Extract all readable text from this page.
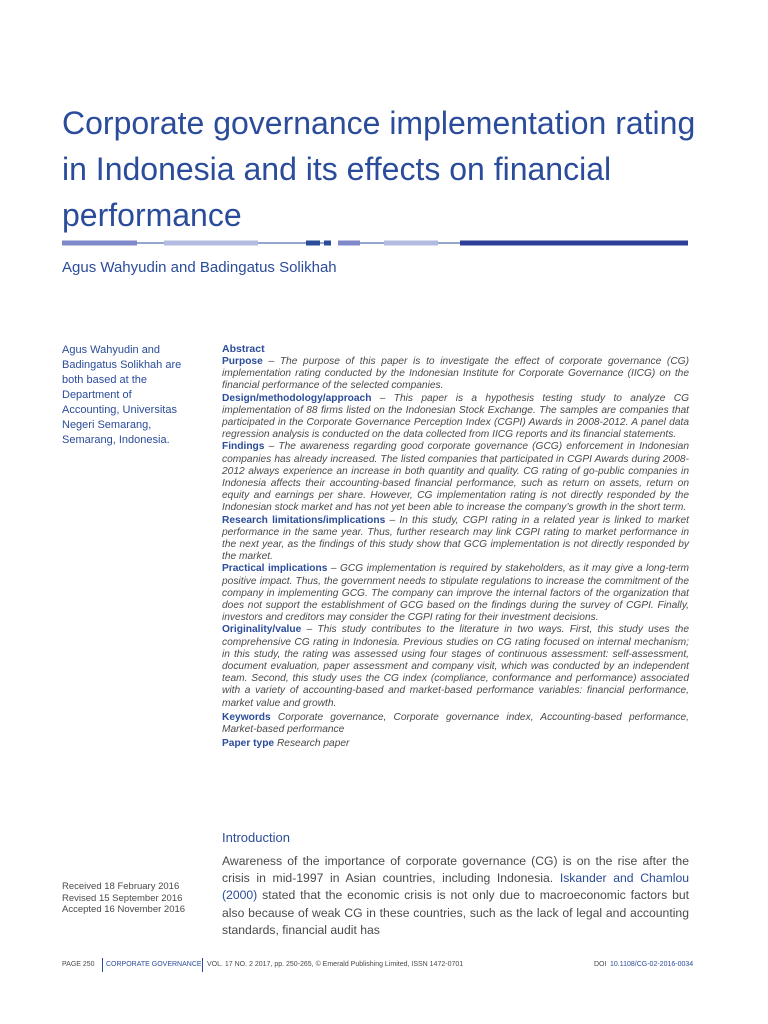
Corporate governance implementation rating in Indonesia and its effects on financial performance
Agus Wahyudin and Badingatus Solikhah
Agus Wahyudin and Badingatus Solikhah are both based at the Department of Accounting, Universitas Negeri Semarang, Semarang, Indonesia.
Received 18 February 2016
Revised 15 September 2016
Accepted 16 November 2016
Abstract

Purpose – The purpose of this paper is to investigate the effect of corporate governance (CG) implementation rating conducted by the Indonesian Institute for Corporate Governance (IICG) on the financial performance of the selected companies.

Design/methodology/approach – This paper is a hypothesis testing study to analyze CG implementation of 88 firms listed on the Indonesian Stock Exchange. The samples are companies that participated in the Corporate Governance Perception Index (CGPI) Awards in 2008-2012. A panel data regression analysis is conducted on the data collected from IICG reports and its financial statements.

Findings – The awareness regarding good corporate governance (GCG) enforcement in Indonesian companies has already increased. The listed companies that participated in CGPI Awards during 2008-2012 always experience an increase in both quantity and quality. CG rating of go-public companies in Indonesia affects their accounting-based financial performance, such as return on assets, return on equity and earnings per share. However, CG implementation rating is not directly responded by the Indonesian stock market and has not yet been able to increase the company’s growth in the short term.

Research limitations/implications – In this study, CGPI rating in a related year is linked to market performance in the same year. Thus, further research may link CGPI rating to market performance in the next year, as the findings of this study show that GCG implementation is not directly responded by the market.

Practical implications – GCG implementation is required by stakeholders, as it may give a long-term positive impact. Thus, the government needs to stipulate regulations to increase the commitment of the company in implementing GCG. The company can improve the internal factors of the organization that does not support the establishment of GCG based on the findings during the survey of CGPI. Finally, investors and creditors may consider the CGPI rating for their investment decisions.

Originality/value – This study contributes to the literature in two ways. First, this study uses the comprehensive CG rating in Indonesia. Previous studies on CG rating focused on internal mechanism; in this study, the rating was assessed using four stages of continuous assessment: self-assessment, document evaluation, paper assessment and company visit, which was conducted by an independent team. Second, this study uses the CG index (compliance, conformance and performance) associated with a variety of accounting-based and market-based performance variables: financial performance, market value and growth.

Keywords Corporate governance, Corporate governance index, Accounting-based performance, Market-based performance

Paper type Research paper

Introduction
Awareness of the importance of corporate governance (CG) is on the rise after the crisis in mid-1997 in Asian countries, including Indonesia. Iskander and Chamlou (2000) stated that the economic crisis is not only due to macroeconomic factors but also because of weak CG in these countries, such as the lack of legal and accounting standards, financial audit has
PAGE 250 CORPORATE GOVERNANCE VOL. 17 NO. 2 2017, pp. 250-265, © Emerald Publishing Limited, ISSN 1472-0701	DOI 10.1108/CG-02-2016-0034
